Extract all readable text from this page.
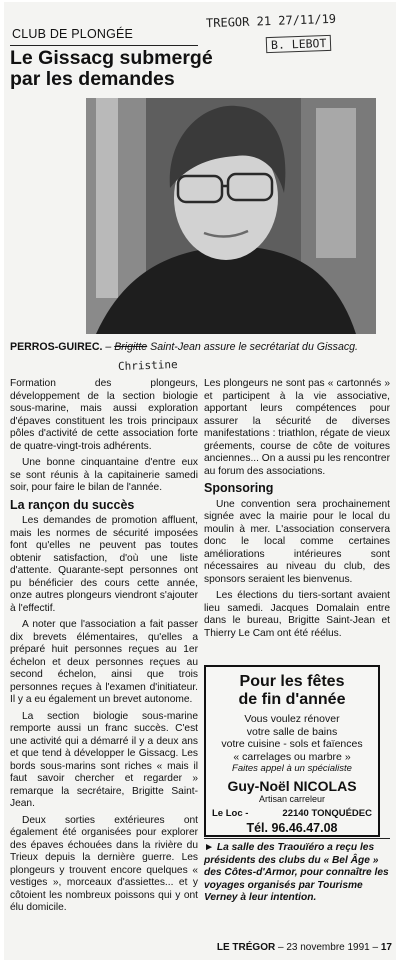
CLUB DE PLONGÉE
Le Gissacg submergé
par les demandes
TREGOR 21 27/11/19
B. LEBOT
PERROS-GUIREC. – Brigitte Saint-Jean assure le secrétariat du Gissacg.
Christine

Formation des plongeurs, développement de la section biologie sous-marine, mais aussi exploration d'épaves constituent les trois principaux pôles d'activité de cette association forte de quatre-vingt-trois adhérents.

Une bonne cinquantaine d'entre eux se sont réunis à la capitainerie samedi soir, pour faire le bilan de l'année.

La rançon du succès

Les demandes de promotion affluent, mais les normes de sécurité imposées font qu'elles ne peuvent pas toutes obtenir satisfaction, d'où une liste d'attente. Quarante-sept personnes ont pu bénéficier des cours cette année, onze autres plongeurs viendront s'ajouter à l'effectif.

A noter que l'association a fait passer dix brevets élémentaires, qu'elles a préparé huit personnes reçues au 1er échelon et deux personnes reçues au second échelon, ainsi que trois personnes reçues à l'examen d'initiateur. Il y a eu également un brevet autonome.

La section biologie sous-marine remporte aussi un franc succès. C'est une activité qui a démarré il y a deux ans et que tend à développer le Gissacg. Les bords sous-marins sont riches « mais il faut savoir chercher et regarder » remarque la secrétaire, Brigitte Saint-Jean.

Deux sorties extérieures ont également été organisées pour explorer des épaves échouées dans la rivière du Trieux depuis la dernière guerre. Les plongeurs y trouvent encore quelques « vestiges », morceaux d'assiettes... et y côtoient les nombreux poissons qui y ont élu domicile.

Les plongeurs ne sont pas « cartonnés » et participent à la vie associative, apportant leurs compétences pour assurer la sécurité de diverses manifestations : triathlon, régate de vieux gréements, course de côte de voitures anciennes... On a aussi pu les rencontrer au forum des associations.

Sponsoring

Une convention sera prochainement signée avec la mairie pour le local du moulin à mer. L'association conservera donc le local comme certaines améliorations intérieures sont nécessaires au niveau du club, des sponsors seraient les bienvenus.

Les élections du tiers-sortant avaient lieu samedi. Jacques Domalain entre dans le bureau, Brigitte Saint-Jean et Thierry Le Cam ont été réélus.

Pour les fêtes
de fin d'année
Vous voulez rénover
votre salle de bains
votre cuisine - sols et faïences
« carrelages ou marbre »
Faites appel à un spécialiste
Guy-Noël NICOLAS
Artisan carreleur
Le Loc -	22140 TONQUÉDEC
Tél. 96.46.47.08
► La salle des Traouïéro a reçu les présidents des clubs du « Bel Âge » des Côtes-d'Armor, pour connaître les voyages organisés par Tourisme Verney à leur intention.
LE TRÉGOR – 23 novembre 1991 – 17
